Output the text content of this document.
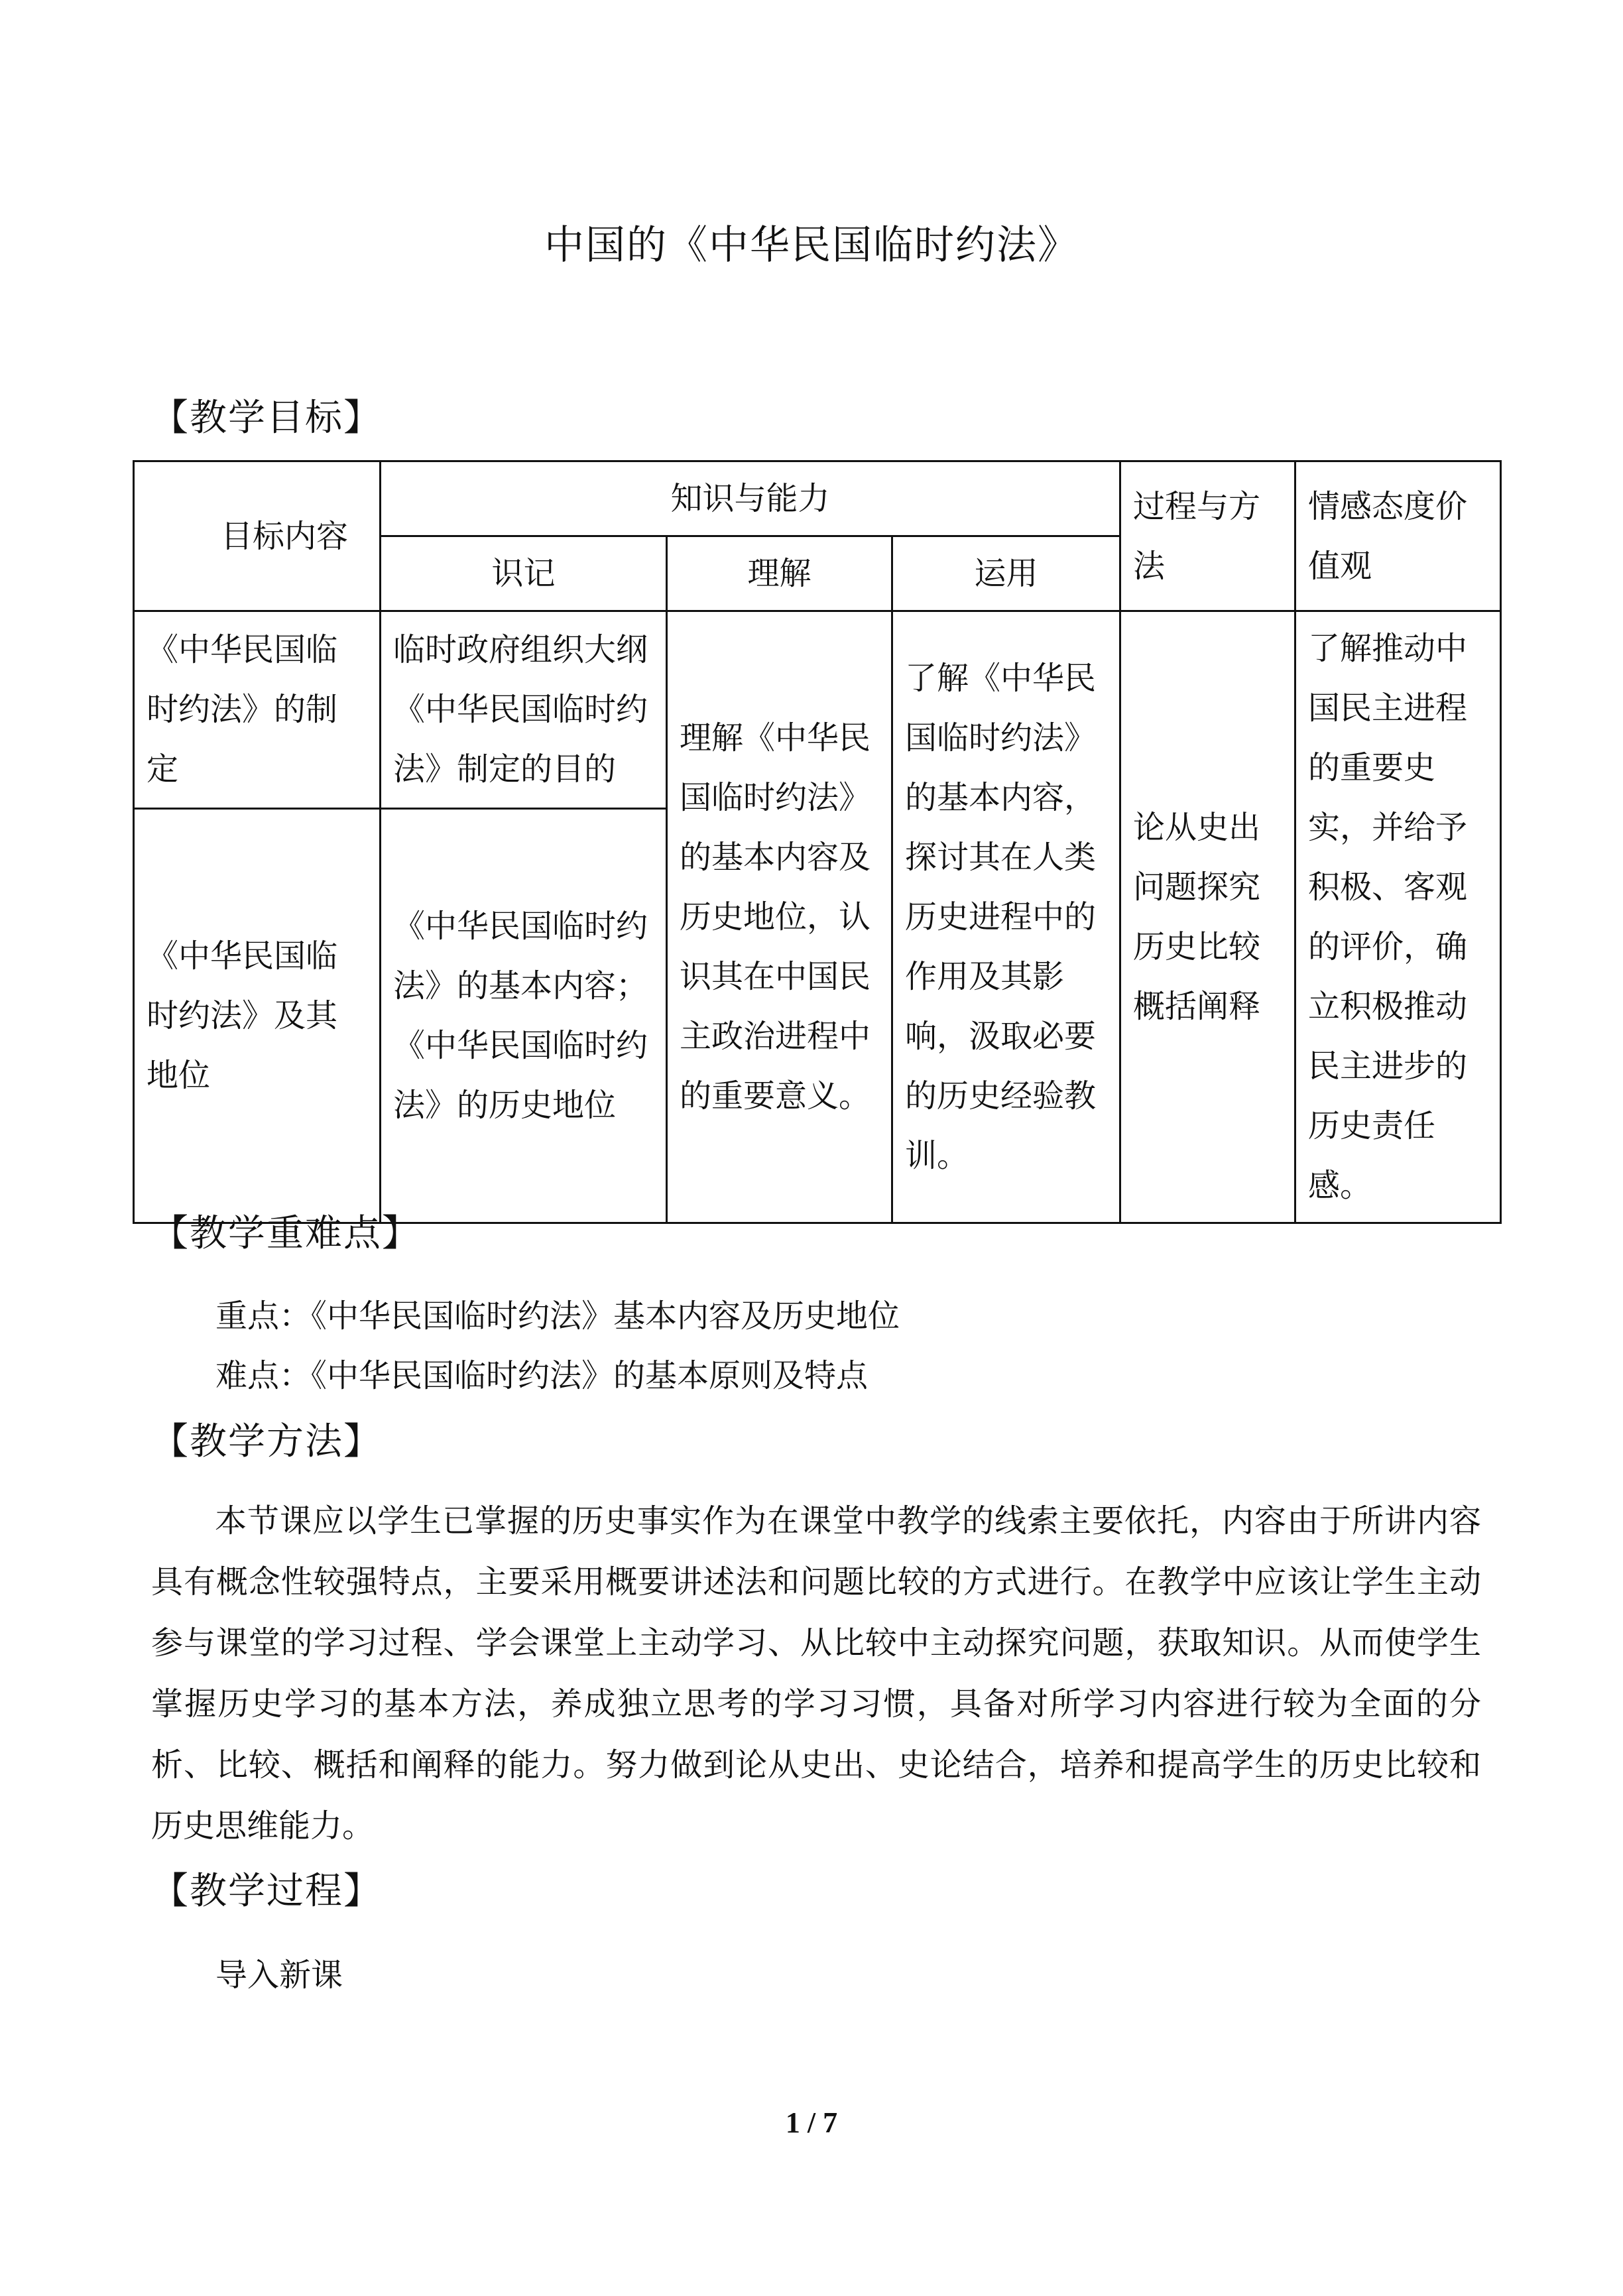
中国的《中华民国临时约法》
【教学目标】
目标内容	知识与能力			过程与方法	情感态度价值观
	识记	理解	运用		
《中华民国临时约法》的制定	临时政府组织大纲《中华民国临时约法》制定的目的	理解《中华民国临时约法》的基本内容及历史地位，认识其在中国民主政治进程中的重要意义。	了解《中华民国临时约法》的基本内容，探讨其在人类历史进程中的作用及其影响，汲取必要的历史经验教训。	论从史出问题探究历史比较概括阐释	了解推动中国民主进程的重要史实，并给予积极、客观的评价，确立积极推动民主进步的历史责任感。
《中华民国临时约法》及其地位	《中华民国临时约法》的基本内容；《中华民国临时约法》的历史地位				
【教学重难点】
重点：《中华民国临时约法》基本内容及历史地位
难点：《中华民国临时约法》的基本原则及特点
【教学方法】
本节课应以学生已掌握的历史事实作为在课堂中教学的线索主要依托，内容由于所讲内容具有概念性较强特点，主要采用概要讲述法和问题比较的方式进行。在教学中应该让学生主动参与课堂的学习过程、学会课堂上主动学习、从比较中主动探究问题，获取知识。从而使学生掌握历史学习的基本方法，养成独立思考的学习习惯，具备对所学习内容进行较为全面的分析、比较、概括和阐释的能力。努力做到论从史出、史论结合，培养和提高学生的历史比较和历史思维能力。
【教学过程】
导入新课
1 / 7
